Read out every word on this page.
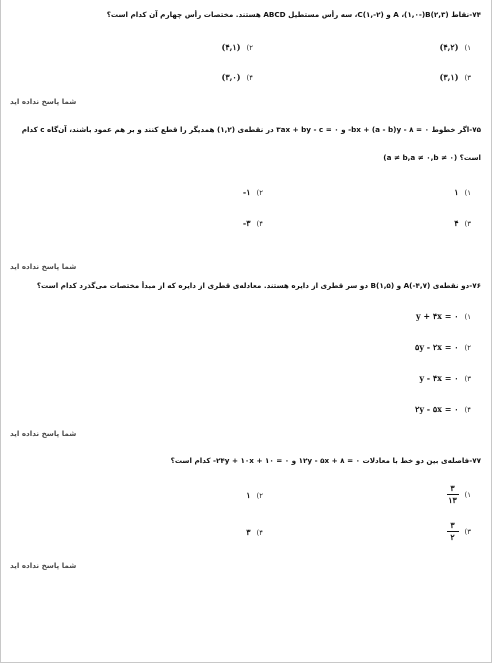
۷۴-نقاط (۲,۳)A ،(۱,۰-)B و (۲-,۱)C، سه رأس مستطیل ABCD هستند. مختصات رأس چهارم آن کدام است؟
۱)(۴,۲)
۲)(۴,۱)
۳)(۳,۱)
۴)(۳,۰)
شما پاسخ نداده اید
۷۵-اگر خطوط ۰ = ۸ - bx + (a - b)y- و ۰ = ۳ax + by - c در نقطه‌ی (۱,۲) همدیگر را قطع کنند و بر هم عمود باشند، آن‌گاه c کدام
است؟ (a ≠ b,a ≠ ۰,b ≠ ۰)
۱)۱
۲)۱-
۳)۴
۴)۳-
شما پاسخ نداده اید
۷۶-دو نقطه‌ی (۴,۷-)A و (۱,۵)B دو سر قطری از دایره هستند. معادله‌ی قطری از دایره که از مبدأ مختصات می‌گذرد کدام است؟
۱)y + ۴x = ۰
۲)۵y - ۲x = ۰
۳)y - ۴x = ۰
۴)۲y - ۵x = ۰
شما پاسخ نداده اید
۷۷-فاصله‌ی بین دو خط با معادلات ۰ = ۸ + ۱۲y - ۵x و ۰ = ۱۰ + ۲۴y + ۱۰x- کدام است؟
۱)
$\frac{۳}{۱۳}$
۲)۱
۳)
$\frac{۳}{۲}$
۴)۳
شما پاسخ نداده اید
